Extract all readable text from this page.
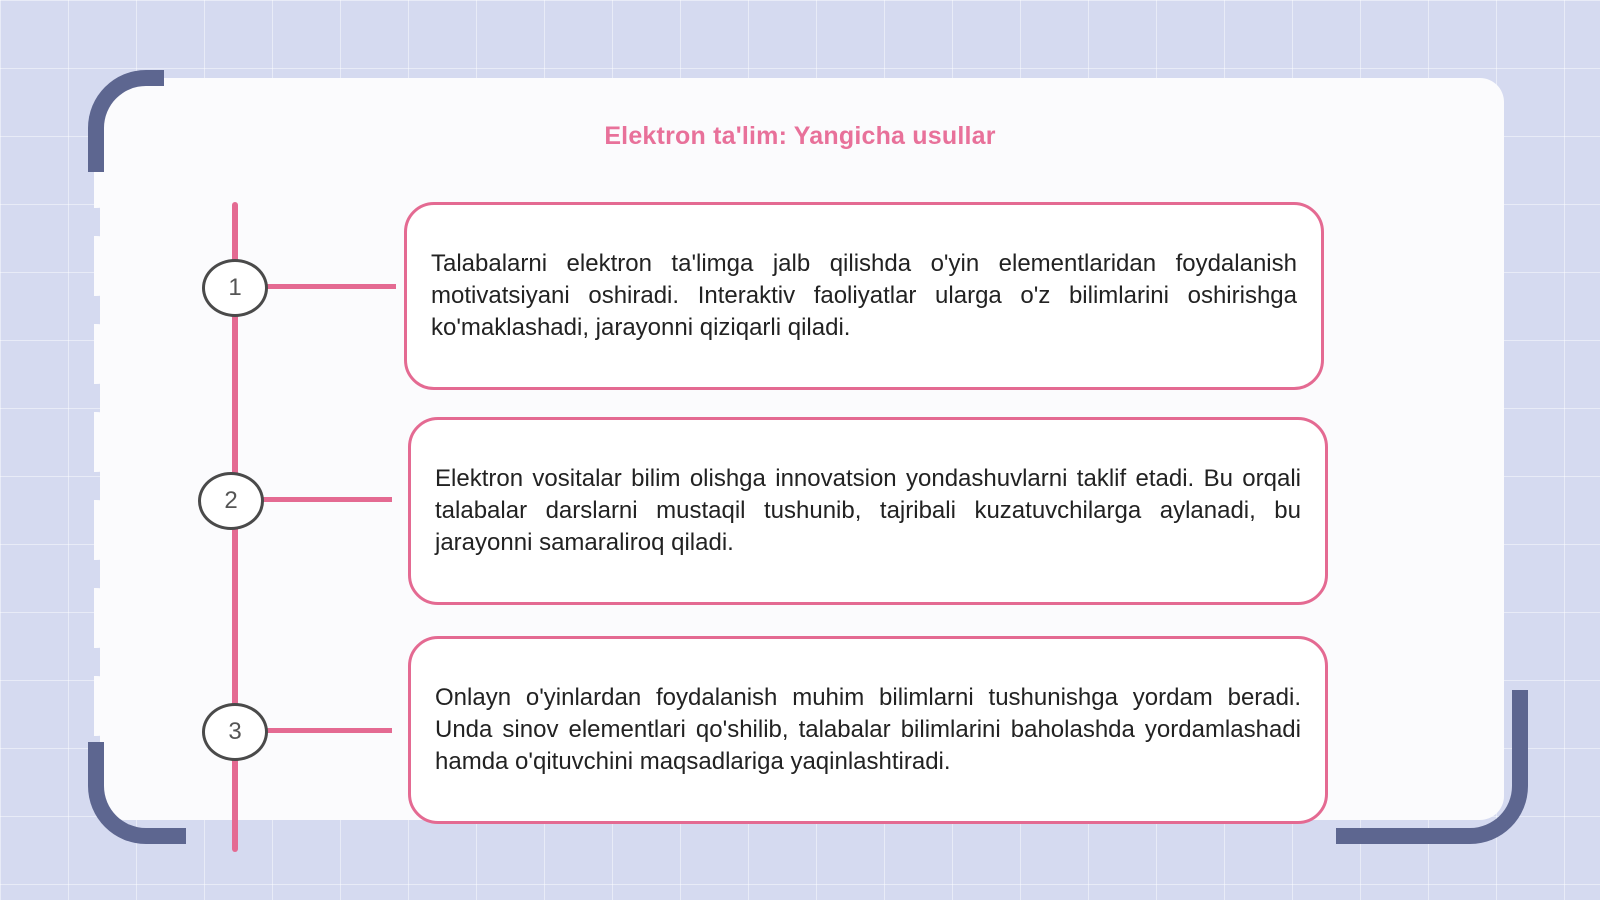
Elektron ta'lim: Yangicha usullar
1
Talabalarni elektron ta'limga jalb qilishda o'yin elementlaridan foydalanish motivatsiyani oshiradi. Interaktiv faoliyatlar ularga o'z bilimlarini oshirishga ko'maklashadi, jarayonni qiziqarli qiladi.
2
Elektron vositalar bilim olishga innovatsion yondashuvlarni taklif etadi. Bu orqali talabalar darslarni mustaqil tushunib, tajribali kuzatuvchilarga aylanadi, bu jarayonni samaraliroq qiladi.
3
Onlayn o'yinlardan foydalanish muhim bilimlarni tushunishga yordam beradi. Unda sinov elementlari qo'shilib, talabalar bilimlarini baholashda yordamlashadi hamda o'qituvchini maqsadlariga yaqinlashtiradi.
